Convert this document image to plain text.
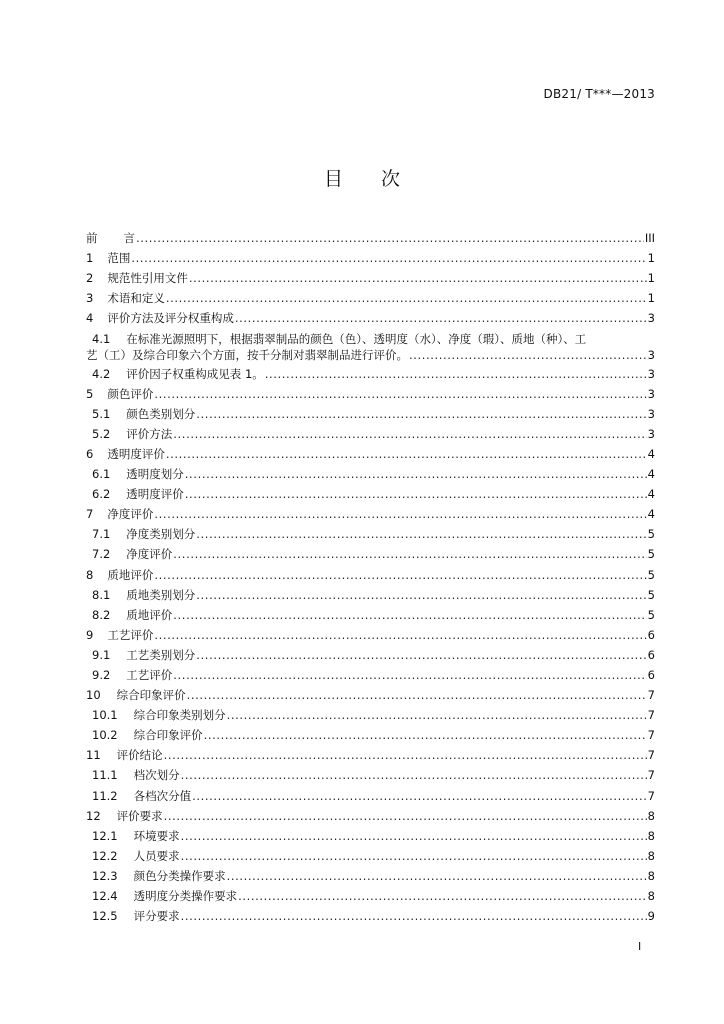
DB21/ T***—2013
目 次
前 言 .....	III
1 范围 .....	1
2 规范性引用文件 .....	1
3 术语和定义 .....	1
4 评价方法及评分权重构成 .....	3
4.1 在标准光源照明下，根据翡翠制品的颜色（色）、透明度（水）、净度（瑕）、质地（种）、工
艺（工）及综合印象六个方面，按千分制对翡翠制品进行评价。 .....	3
4.2 评价因子权重构成见表 1。 .....	3
5 颜色评价 .....	3
5.1 颜色类别划分 .....	3
5.2 评价方法 .....	3
6 透明度评价 .....	4
6.1 透明度划分 .....	4
6.2 透明度评价 .....	4
7 净度评价 .....	4
7.1 净度类别划分 .....	5
7.2 净度评价 .....	5
8 质地评价 .....	5
8.1 质地类别划分 .....	5
8.2 质地评价 .....	5
9 工艺评价 .....	6
9.1 工艺类别划分 .....	6
9.2 工艺评价 .....	6
10 综合印象评价 .....	7
10.1 综合印象类别划分 .....	7
10.2 综合印象评价 .....	7
11 评价结论 .....	7
11.1 档次划分 .....	7
11.2 各档次分值 .....	7
12 评价要求 .....	8
12.1 环境要求 .....	8
12.2 人员要求 .....	8
12.3 颜色分类操作要求 .....	8
12.4 透明度分类操作要求 .....	8
12.5 评分要求 .....	9
I
